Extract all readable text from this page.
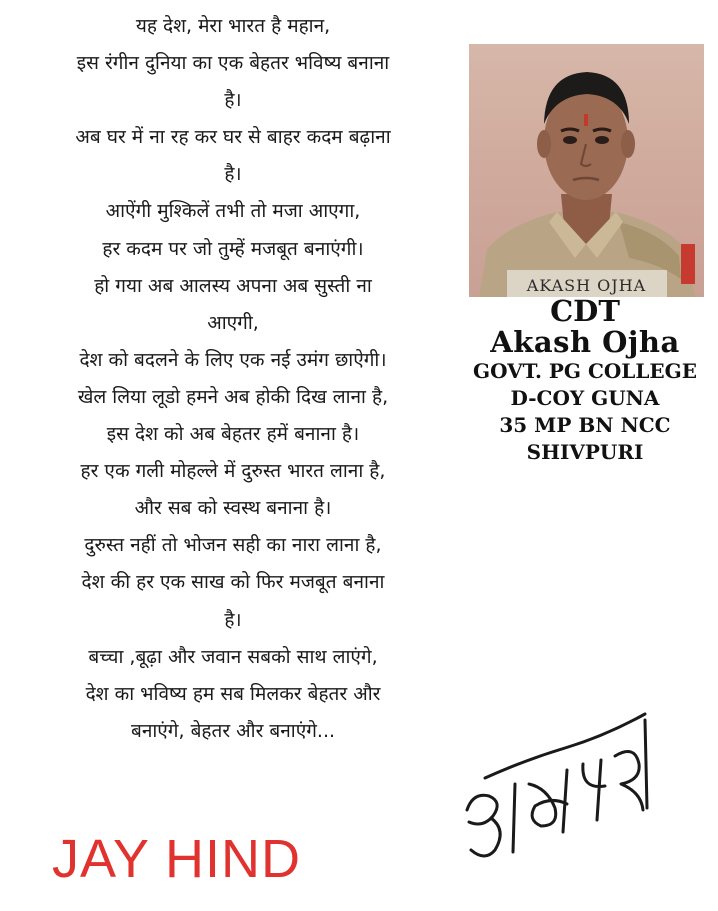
यह देश, मेरा भारत है महान,
इस रंगीन दुनिया का एक बेहतर भविष्य बनाना
है।
अब घर में ना रह कर घर से बाहर कदम बढ़ाना
है।
आऐंगी मुश्किलें तभी तो मजा आएगा,
हर कदम पर जो तुम्हें मजबूत बनाएंगी।
हो गया अब आलस्य अपना अब सुस्ती ना
आएगी,
देश को बदलने के लिए एक नई उमंग छाऐगी।
खेल लिया लूडो हमने अब होकी दिख लाना है,
इस देश को अब बेहतर हमें बनाना है।
हर एक गली मोहल्ले में दुरुस्त भारत लाना है,
और सब को स्वस्थ बनाना है।
दुरुस्त नहीं तो भोजन सही का नारा लाना है,
देश की हर एक साख को फिर मजबूत बनाना
है।
बच्चा ,बूढ़ा और जवान सबको साथ लाएंगे,
देश का भविष्य हम सब मिलकर बेहतर और
बनाएंगे, बेहतर और बनाएंगे...
AKASH OJHA
CDT
Akash Ojha
GOVT. PG COLLEGE
D-COY GUNA
35 MP BN NCC
SHIVPURI
JAY HIND
